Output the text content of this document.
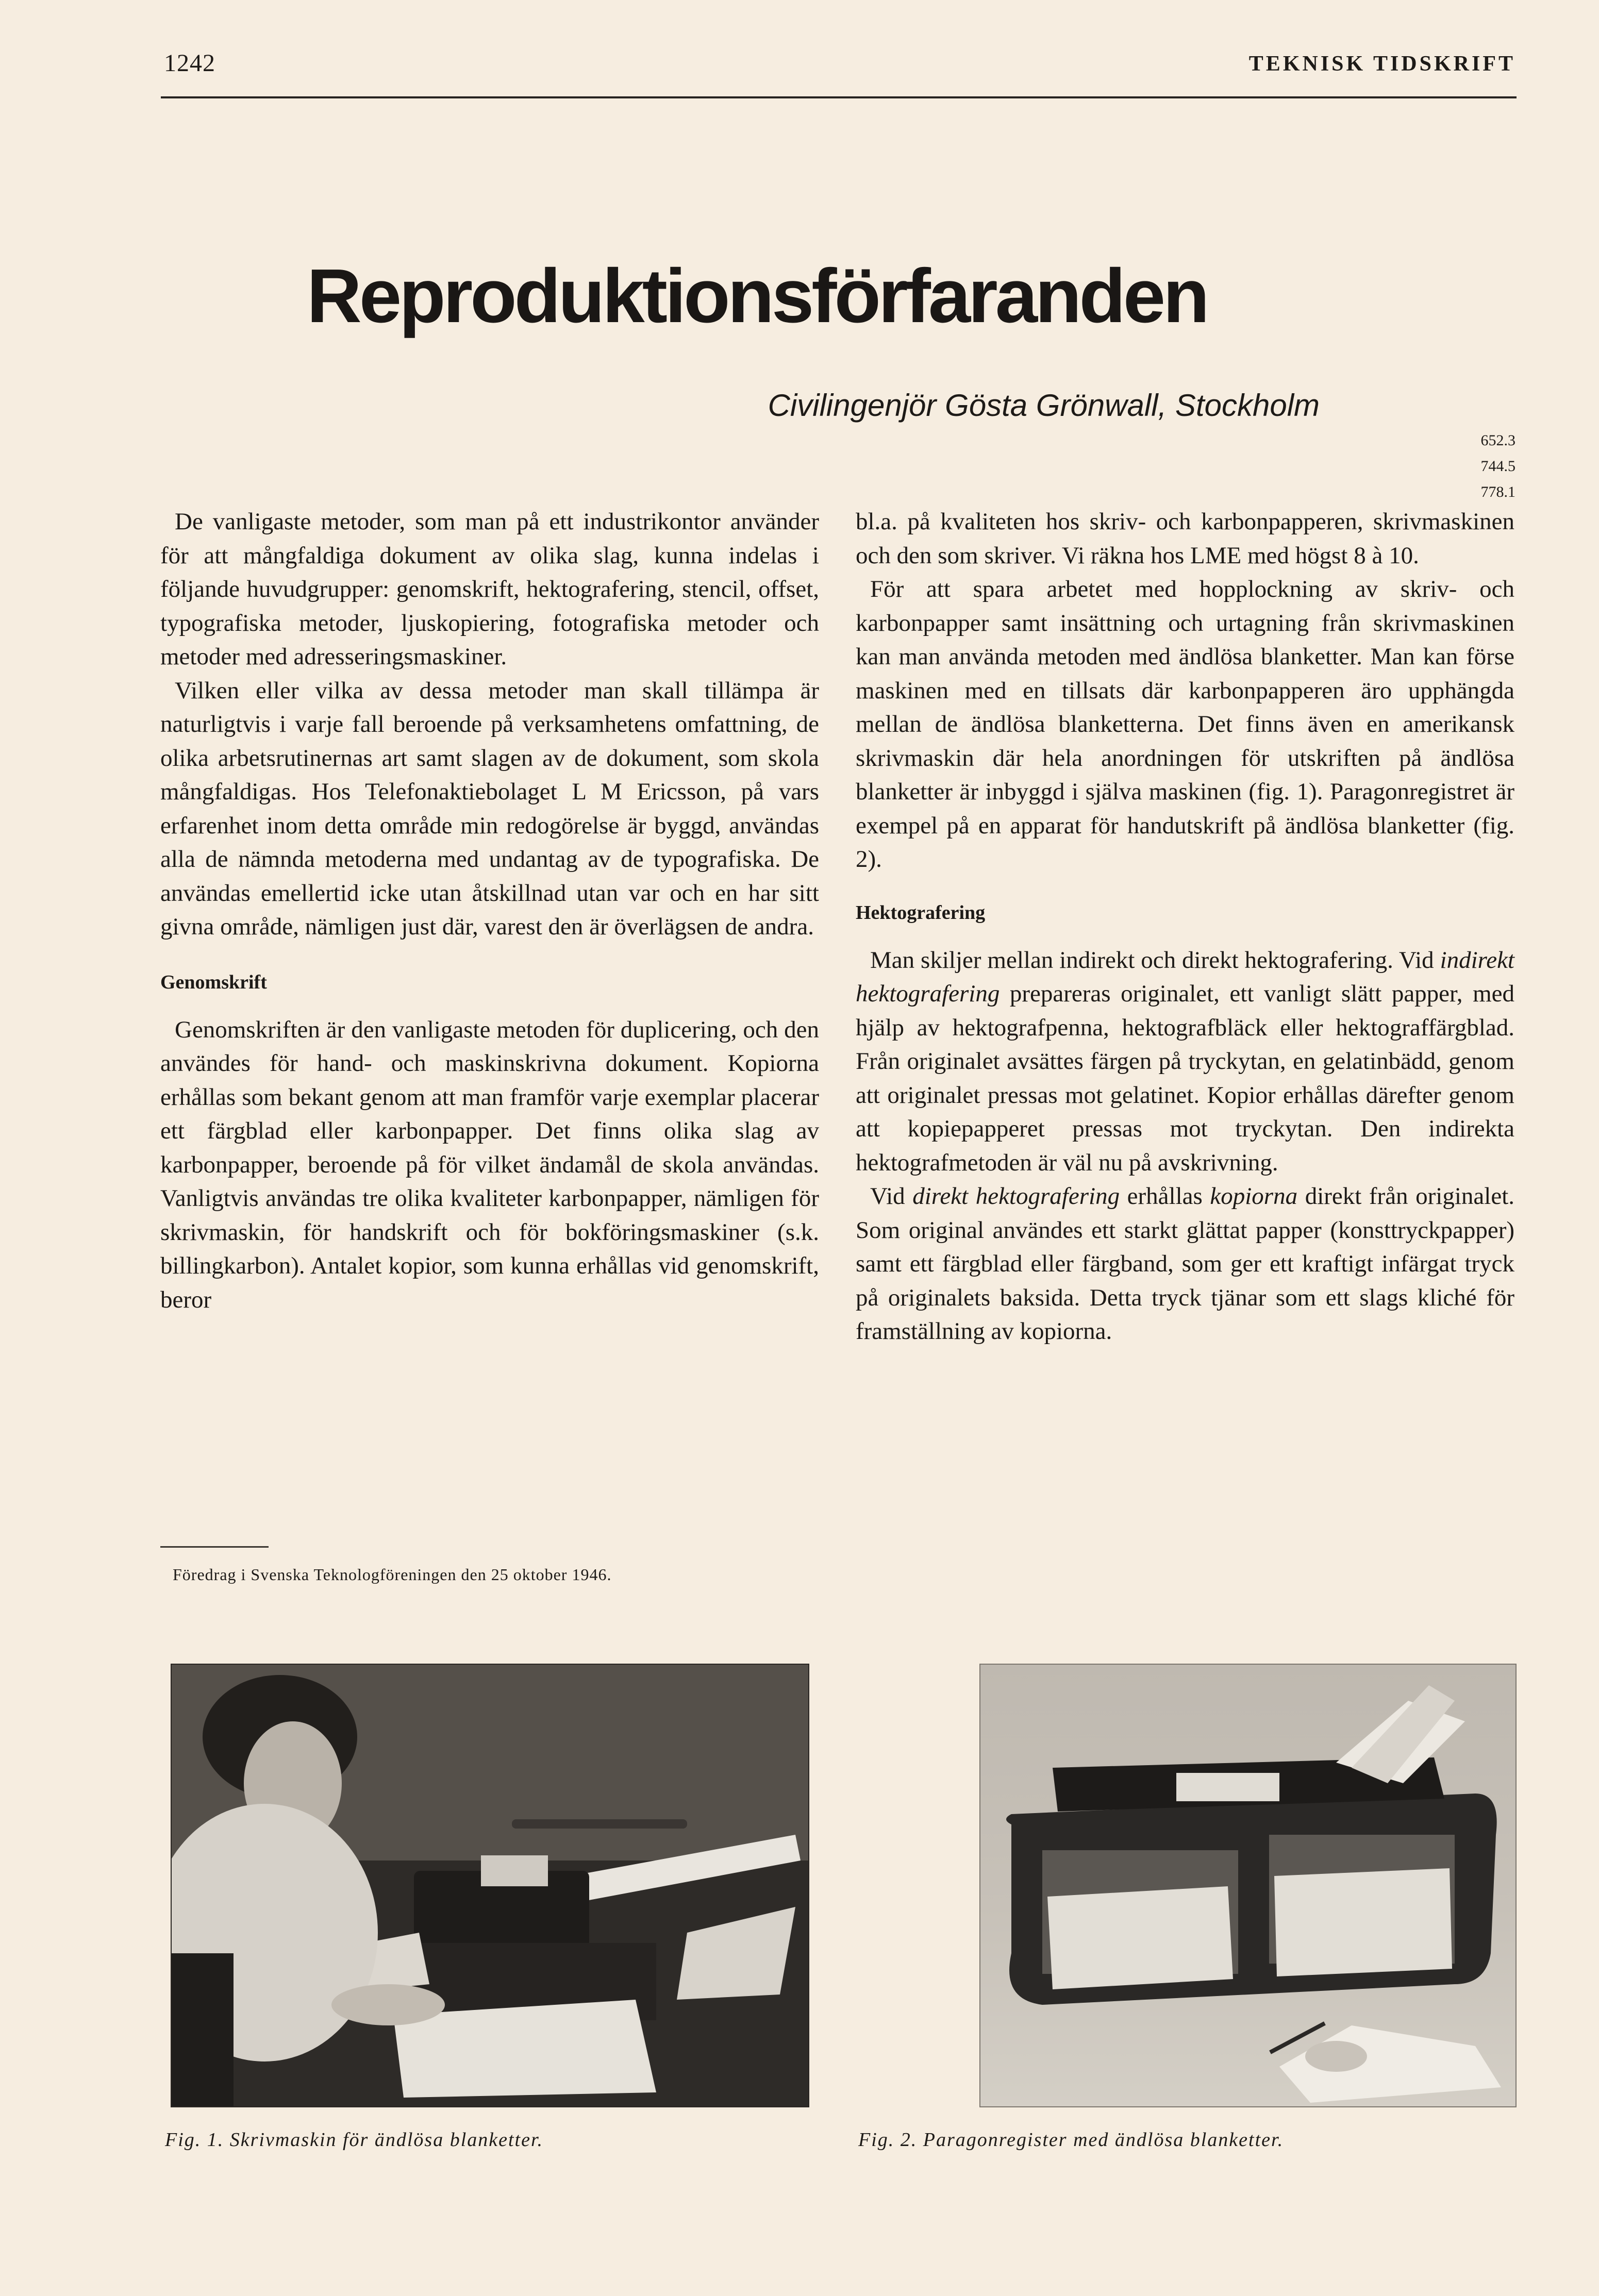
1242	TEKNISK TIDSKRIFT
Reproduktionsförfaranden
Civilingenjör Gösta Grönwall, Stockholm
652.3
744.5
778.1

De vanligaste metoder, som man på ett industrikontor använder för att mångfaldiga dokument av olika slag, kunna indelas i följande huvudgrupper: genomskrift, hektografering, stencil, offset, typografiska metoder, ljuskopiering, fotografiska metoder och metoder med adresseringsmaskiner.

Vilken eller vilka av dessa metoder man skall tillämpa är naturligtvis i varje fall beroende på verksamhetens omfattning, de olika arbetsrutinernas art samt slagen av de dokument, som skola mångfaldigas. Hos Telefonaktiebolaget L M Ericsson, på vars erfarenhet inom detta område min redogörelse är byggd, användas alla de nämnda metoderna med undantag av de typografiska. De användas emellertid icke utan åtskillnad utan var och en har sitt givna område, nämligen just där, varest den är överlägsen de andra.

Genomskrift

Genomskriften är den vanligaste metoden för duplicering, och den användes för hand- och maskinskrivna dokument. Kopiorna erhållas som bekant genom att man framför varje exemplar placerar ett färgblad eller karbonpapper. Det finns olika slag av karbonpapper, beroende på för vilket ändamål de skola användas. Vanligtvis användas tre olika kvaliteter karbonpapper, nämligen för skrivmaskin, för handskrift och för bokföringsmaskiner (s.k. billingkarbon). Antalet kopior, som kunna erhållas vid genomskrift, beror

Föredrag i Svenska Teknologföreningen den 25 oktober 1946.

bl.a. på kvaliteten hos skriv- och karbonpapperen, skrivmaskinen och den som skriver. Vi räkna hos LME med högst 8 à 10.

För att spara arbetet med hopplockning av skriv- och karbonpapper samt insättning och urtagning från skrivmaskinen kan man använda metoden med ändlösa blanketter. Man kan förse maskinen med en tillsats där karbonpapperen äro upphängda mellan de ändlösa blanketterna. Det finns även en amerikansk skrivmaskin där hela anordningen för utskriften på ändlösa blanketter är inbyggd i själva maskinen (fig. 1). Paragonregistret är exempel på en apparat för handutskrift på ändlösa blanketter (fig. 2).

Hektografering

Man skiljer mellan indirekt och direkt hektografering. Vid indirekt hektografering prepareras originalet, ett vanligt slätt papper, med hjälp av hektografpenna, hektografbläck eller hektograffärgblad. Från originalet avsättes färgen på tryckytan, en gelatinbädd, genom att originalet pressas mot gelatinet. Kopior erhållas därefter genom att kopiepapperet pressas mot tryckytan. Den indirekta hektografmetoden är väl nu på avskrivning.

Vid direkt hektografering erhållas kopiorna direkt från originalet. Som original användes ett starkt glättat papper (konsttryckpapper) samt ett färgblad eller färgband, som ger ett kraftigt infärgat tryck på originalets baksida. Detta tryck tjänar som ett slags kliché för framställning av kopiorna.

Fig. 1. Skrivmaskin för ändlösa blanketter.	Fig. 2. Paragonregister med ändlösa blanketter.
